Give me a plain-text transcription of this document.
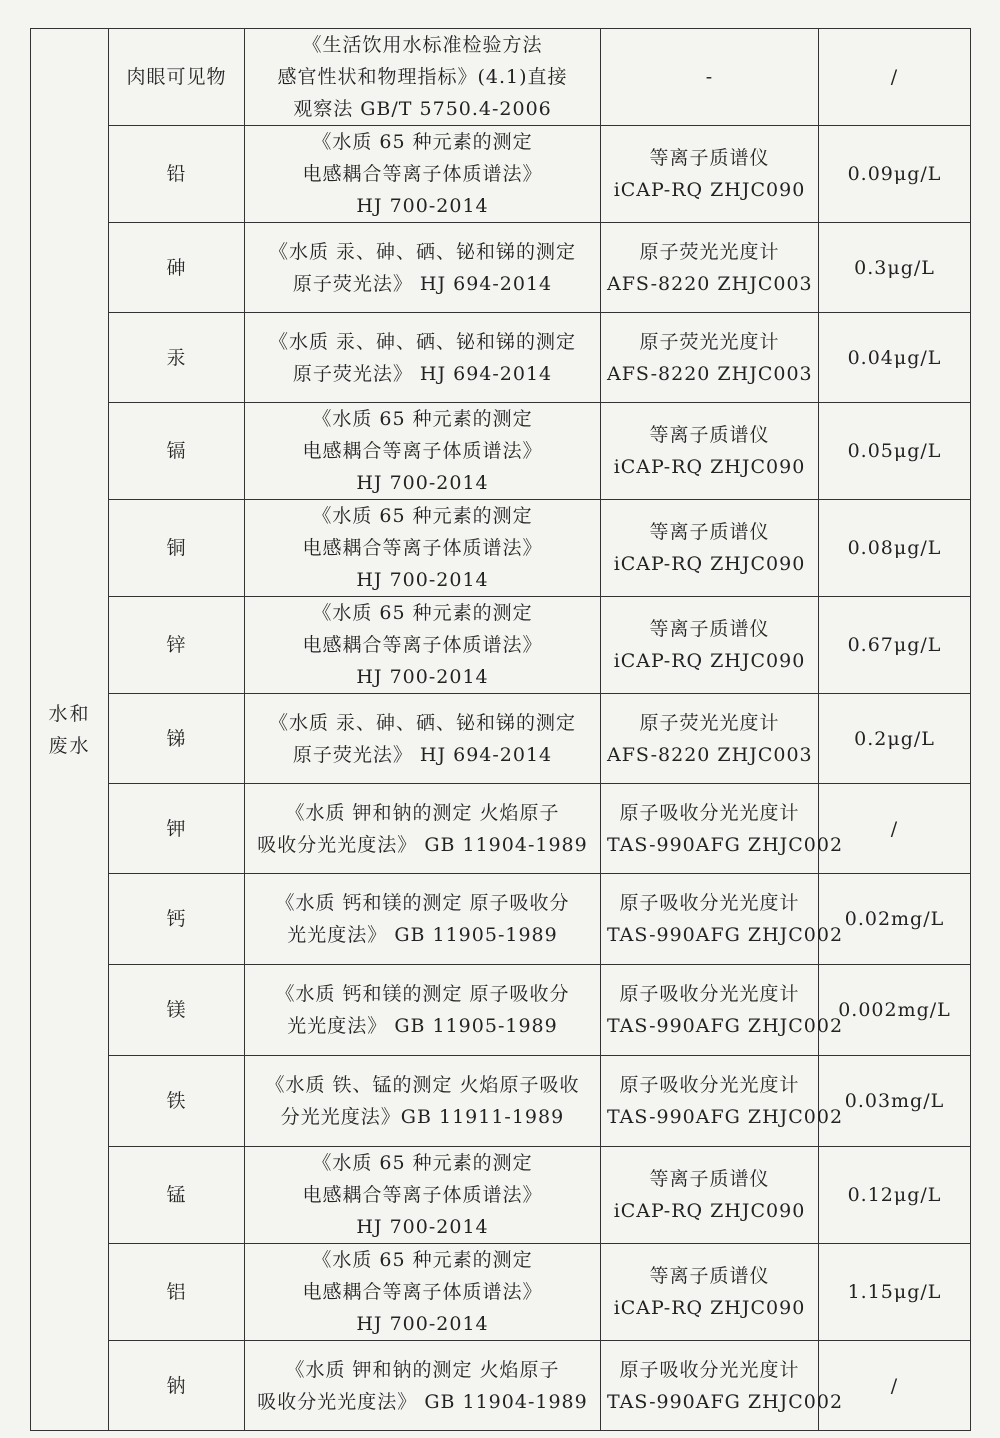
水和
废水	肉眼可见物	《生活饮用水标准检验方法
感官性状和物理指标》(4.1)直接
观察法 GB/T 5750.4-2006	-	/
	铅	《水质 65 种元素的测定
电感耦合等离子体质谱法》
HJ 700-2014	等离子质谱仪
iCAP-RQ ZHJC090	0.09μg/L
	砷	《水质 汞、砷、硒、铋和锑的测定
原子荧光法》 HJ 694-2014	原子荧光光度计
AFS-8220 ZHJC003	0.3μg/L
	汞	《水质 汞、砷、硒、铋和锑的测定
原子荧光法》 HJ 694-2014	原子荧光光度计
AFS-8220 ZHJC003	0.04μg/L
	镉	《水质 65 种元素的测定
电感耦合等离子体质谱法》
HJ 700-2014	等离子质谱仪
iCAP-RQ ZHJC090	0.05μg/L
	铜	《水质 65 种元素的测定
电感耦合等离子体质谱法》
HJ 700-2014	等离子质谱仪
iCAP-RQ ZHJC090	0.08μg/L
	锌	《水质 65 种元素的测定
电感耦合等离子体质谱法》
HJ 700-2014	等离子质谱仪
iCAP-RQ ZHJC090	0.67μg/L
	锑	《水质 汞、砷、硒、铋和锑的测定
原子荧光法》 HJ 694-2014	原子荧光光度计
AFS-8220 ZHJC003	0.2μg/L
	钾	《水质 钾和钠的测定 火焰原子
吸收分光光度法》 GB 11904-1989	原子吸收分光光度计
TAS-990AFG ZHJC002	/
	钙	《水质 钙和镁的测定 原子吸收分
光光度法》 GB 11905-1989	原子吸收分光光度计
TAS-990AFG ZHJC002	0.02mg/L
	镁	《水质 钙和镁的测定 原子吸收分
光光度法》 GB 11905-1989	原子吸收分光光度计
TAS-990AFG ZHJC002	0.002mg/L
	铁	《水质 铁、锰的测定 火焰原子吸收
分光光度法》GB 11911-1989	原子吸收分光光度计
TAS-990AFG ZHJC002	0.03mg/L
	锰	《水质 65 种元素的测定
电感耦合等离子体质谱法》
HJ 700-2014	等离子质谱仪
iCAP-RQ ZHJC090	0.12μg/L
	铝	《水质 65 种元素的测定
电感耦合等离子体质谱法》
HJ 700-2014	等离子质谱仪
iCAP-RQ ZHJC090	1.15μg/L
	钠	《水质 钾和钠的测定 火焰原子
吸收分光光度法》 GB 11904-1989	原子吸收分光光度计
TAS-990AFG ZHJC002	/
